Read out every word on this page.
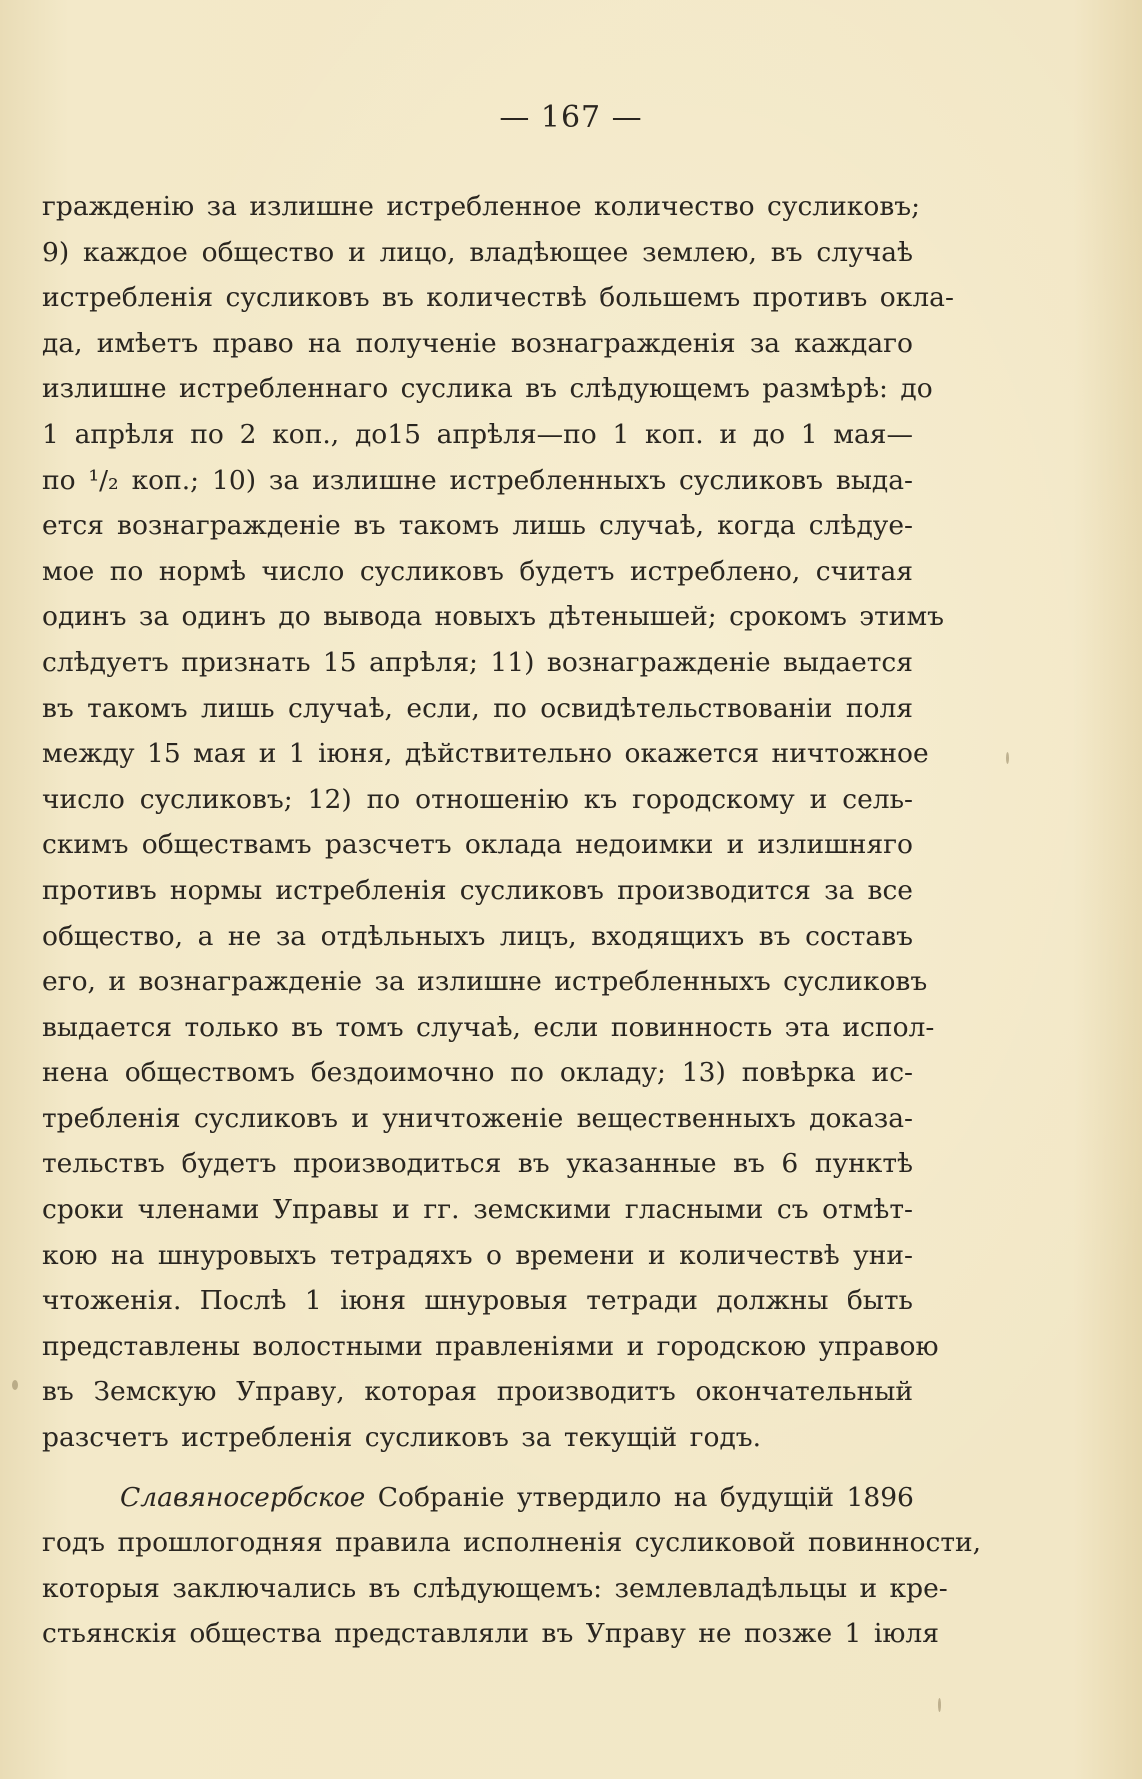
— 167 —
гражденію за излишне истребленное количество сусликовъ;
9) каждое общество и лицо, владѣющее землею, въ случаѣ
истребленія сусликовъ въ количествѣ большемъ противъ окла-
да, имѣетъ право на полученіе вознагражденія за каждаго
излишне истребленнаго суслика въ слѣдующемъ размѣрѣ: до
1 апрѣля по 2 коп., до15 апрѣля—по 1 коп. и до 1 мая—
по ¹/₂ коп.; 10) за излишне истребленныхъ сусликовъ выда-
ется вознагражденіе въ такомъ лишь случаѣ, когда слѣдуе-
мое по нормѣ число сусликовъ будетъ истреблено, считая
одинъ за одинъ до вывода новыхъ дѣтенышей; срокомъ этимъ
слѣдуетъ признать 15 апрѣля; 11) вознагражденіе выдается
въ такомъ лишь случаѣ, если, по освидѣтельствованіи поля
между 15 мая и 1 іюня, дѣйствительно окажется ничтожное
число сусликовъ; 12) по отношенію къ городскому и сель-
скимъ обществамъ разсчетъ оклада недоимки и излишняго
противъ нормы истребленія сусликовъ производится за все
общество, а не за отдѣльныхъ лицъ, входящихъ въ составъ
его, и вознагражденіе за излишне истребленныхъ сусликовъ
выдается только въ томъ случаѣ, если повинность эта испол-
нена обществомъ бездоимочно по окладу; 13) повѣрка ис-
требленія сусликовъ и уничтоженіе вещественныхъ доказа-
тельствъ будетъ производиться въ указанные въ 6 пунктѣ
сроки членами Управы и гг. земскими гласными съ отмѣт-
кою на шнуровыхъ тетрадяхъ о времени и количествѣ уни-
чтоженія. Послѣ 1 іюня шнуровыя тетради должны быть
представлены волостными правленіями и городскою управою
въ Земскую Управу, которая производитъ окончательный
разсчетъ истребленія сусликовъ за текущій годъ.
Славяносербское Собраніе утвердило на будущій 1896
годъ прошлогодняя правила исполненія сусликовой повинности,
которыя заключались въ слѣдующемъ: землевладѣльцы и кре-
стьянскія общества представляли въ Управу не позже 1 іюля
